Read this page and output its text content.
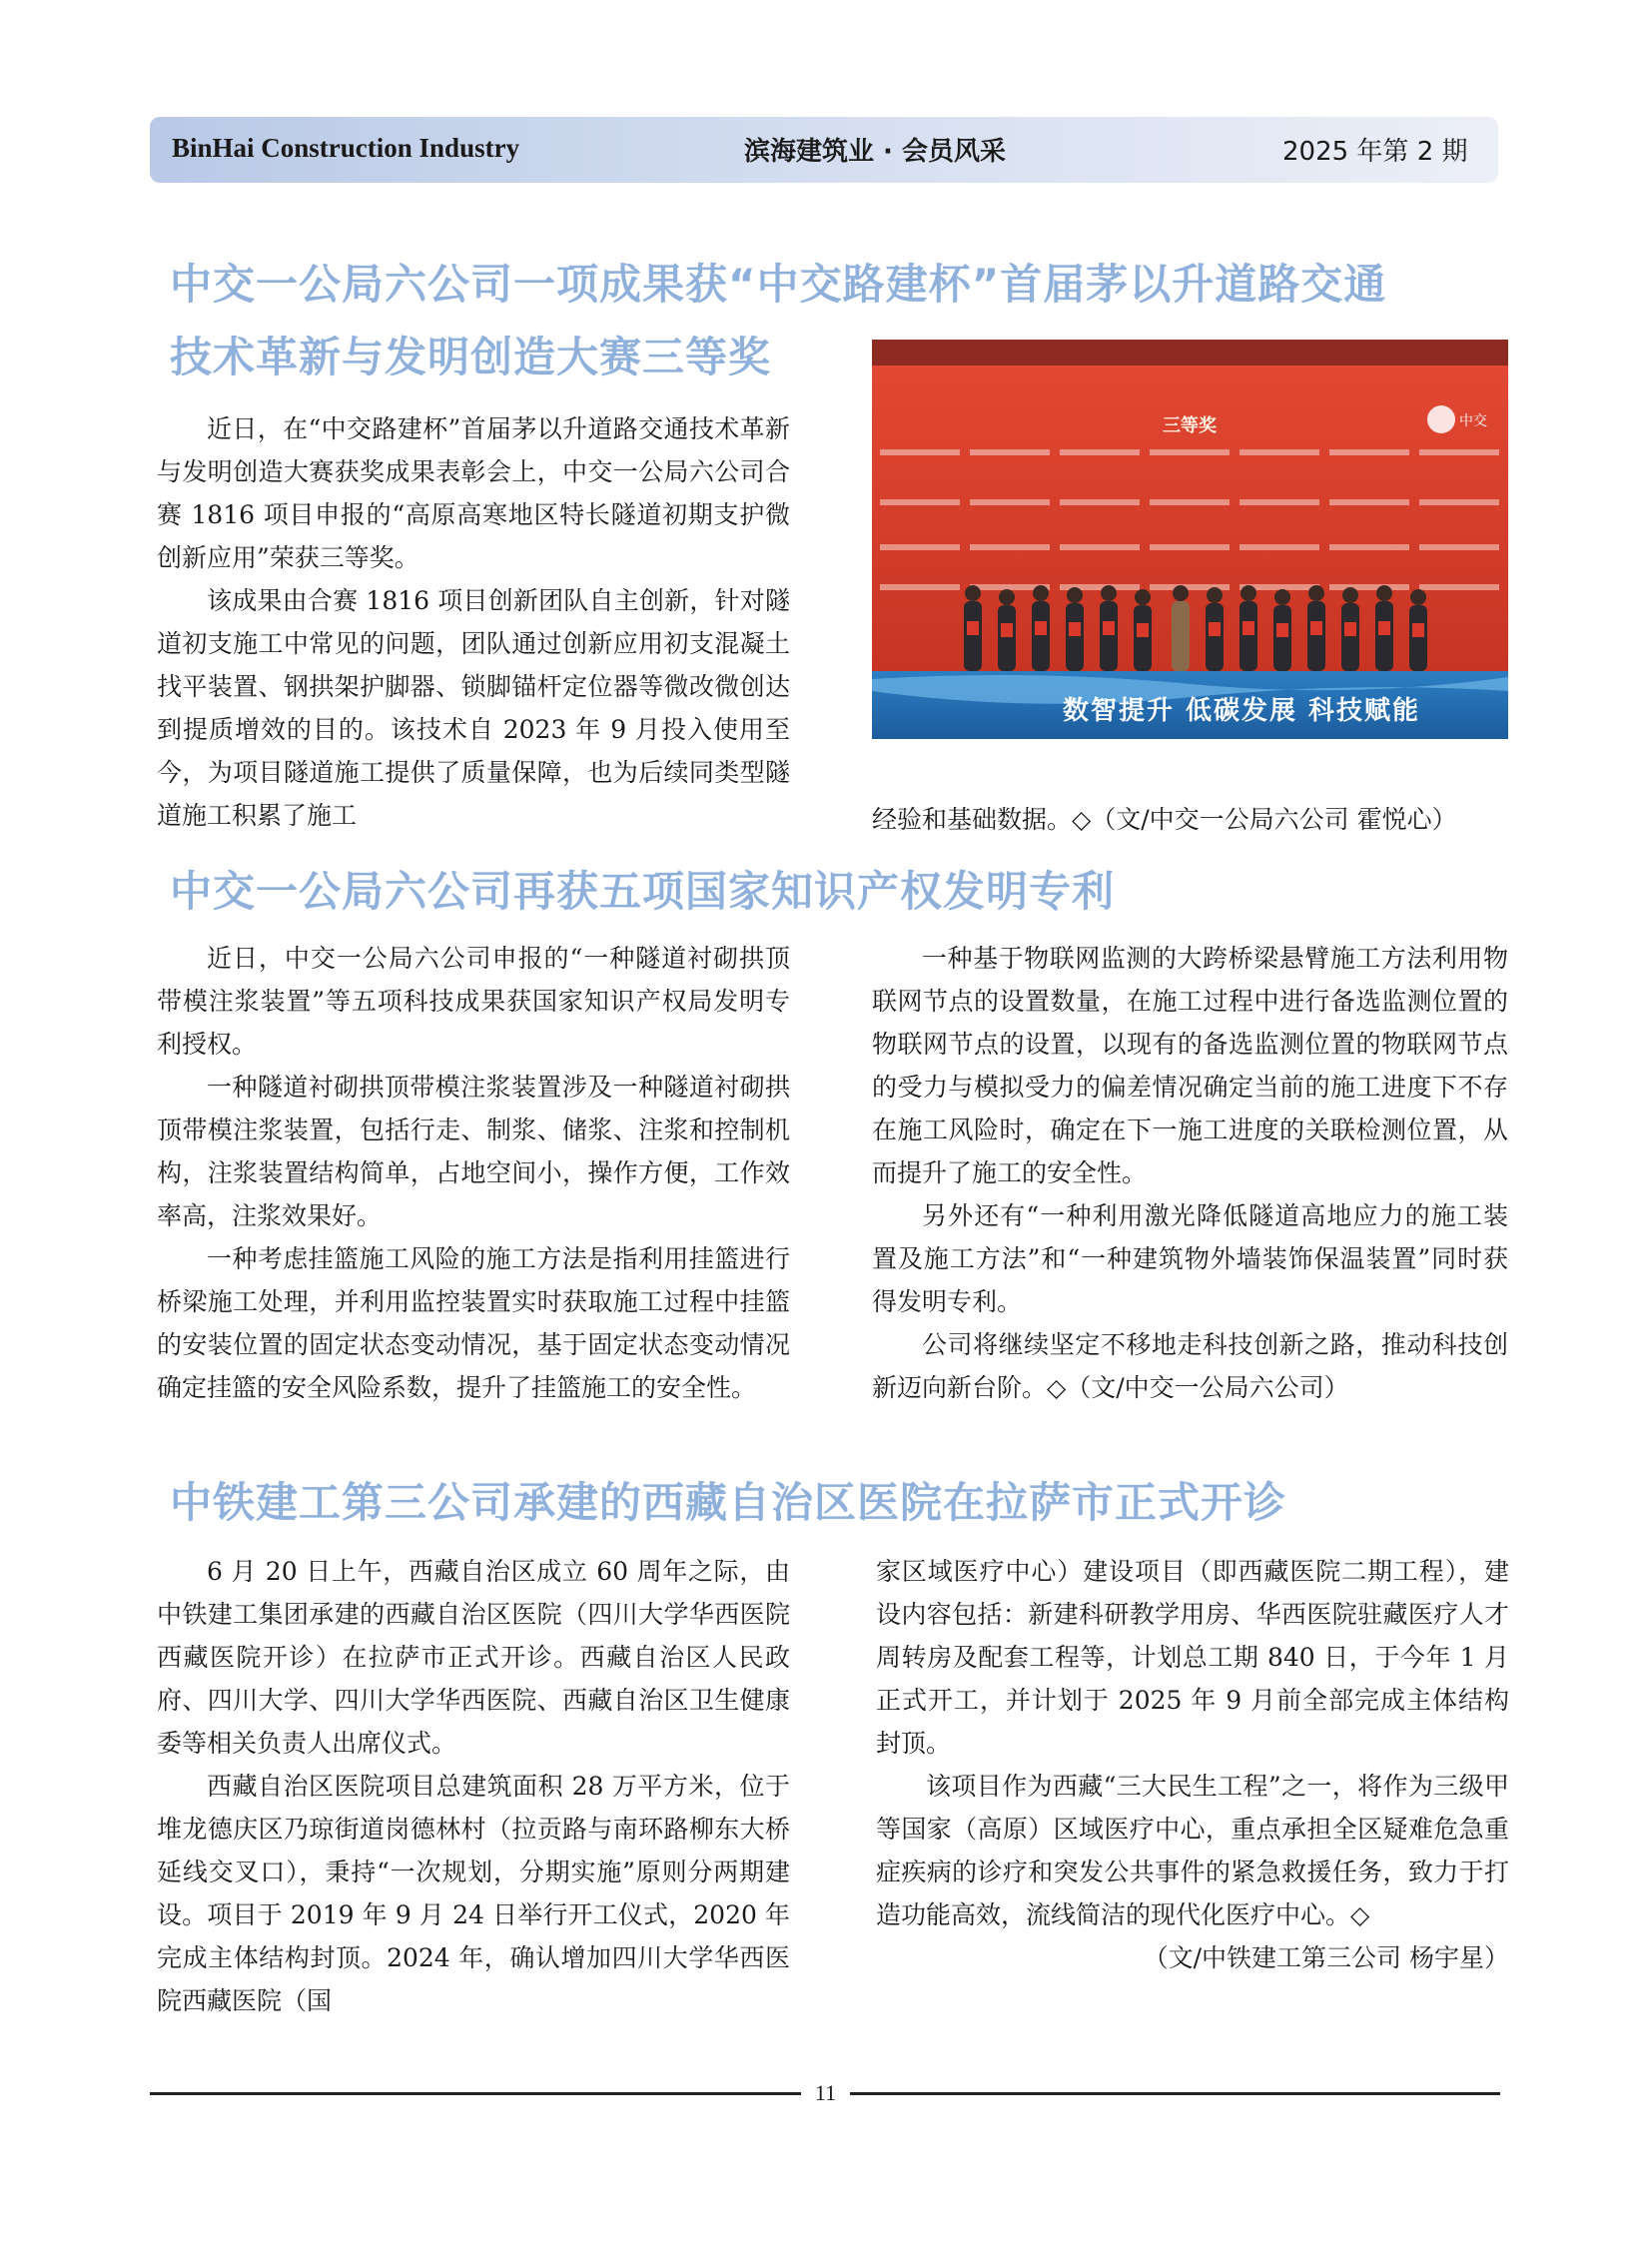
BinHai Construction Industry	滨海建筑业 · 会员风采	2025 年第 2 期
中交一公局六公司一项成果获“中交路建杯”首届茅以升道路交通
技术革新与发明创造大赛三等奖

近日，在“中交路建杯”首届茅以升道路交通技术革新与发明创造大赛获奖成果表彰会上，中交一公局六公司合赛 1816 项目申报的“高原高寒地区特长隧道初期支护微创新应用”荣获三等奖。

该成果由合赛 1816 项目创新团队自主创新，针对隧道初支施工中常见的问题，团队通过创新应用初支混凝土找平装置、钢拱架护脚器、锁脚锚杆定位器等微改微创达到提质增效的目的。该技术自 2023 年 9 月投入使用至今，为项目隧道施工提供了质量保障，也为后续同类型隧道施工积累了施工

三等奖	中交
数智提升 低碳发展 科技赋能
经验和基础数据。◇（文/中交一公局六公司 霍悦心）
中交一公局六公司再获五项国家知识产权发明专利

近日，中交一公局六公司申报的“一种隧道衬砌拱顶带模注浆装置”等五项科技成果获国家知识产权局发明专利授权。

一种隧道衬砌拱顶带模注浆装置涉及一种隧道衬砌拱顶带模注浆装置，包括行走、制浆、储浆、注浆和控制机构，注浆装置结构简单，占地空间小，操作方便，工作效率高，注浆效果好。

一种考虑挂篮施工风险的施工方法是指利用挂篮进行桥梁施工处理，并利用监控装置实时获取施工过程中挂篮的安装位置的固定状态变动情况，基于固定状态变动情况确定挂篮的安全风险系数，提升了挂篮施工的安全性。

一种基于物联网监测的大跨桥梁悬臂施工方法利用物联网节点的设置数量，在施工过程中进行备选监测位置的物联网节点的设置，以现有的备选监测位置的物联网节点的受力与模拟受力的偏差情况确定当前的施工进度下不存在施工风险时，确定在下一施工进度的关联检测位置，从而提升了施工的安全性。

另外还有“一种利用激光降低隧道高地应力的施工装置及施工方法”和“一种建筑物外墙装饰保温装置”同时获得发明专利。

公司将继续坚定不移地走科技创新之路，推动科技创新迈向新台阶。◇（文/中交一公局六公司）

中铁建工第三公司承建的西藏自治区医院在拉萨市正式开诊

6 月 20 日上午，西藏自治区成立 60 周年之际，由中铁建工集团承建的西藏自治区医院（四川大学华西医院西藏医院开诊）在拉萨市正式开诊。西藏自治区人民政府、四川大学、四川大学华西医院、西藏自治区卫生健康委等相关负责人出席仪式。

西藏自治区医院项目总建筑面积 28 万平方米，位于堆龙德庆区乃琼街道岗德林村（拉贡路与南环路柳东大桥延线交叉口），秉持“一次规划，分期实施”原则分两期建设。项目于 2019 年 9 月 24 日举行开工仪式，2020 年完成主体结构封顶。2024 年，确认增加四川大学华西医院西藏医院（国

家区域医疗中心）建设项目（即西藏医院二期工程），建设内容包括：新建科研教学用房、华西医院驻藏医疗人才周转房及配套工程等，计划总工期 840 日，于今年 1 月正式开工，并计划于 2025 年 9 月前全部完成主体结构封顶。

该项目作为西藏“三大民生工程”之一，将作为三级甲等国家（高原）区域医疗中心，重点承担全区疑难危急重症疾病的诊疗和突发公共事件的紧急救援任务，致力于打造功能高效，流线简洁的现代化医疗中心。◇

（文/中铁建工第三公司 杨宇星）

11
